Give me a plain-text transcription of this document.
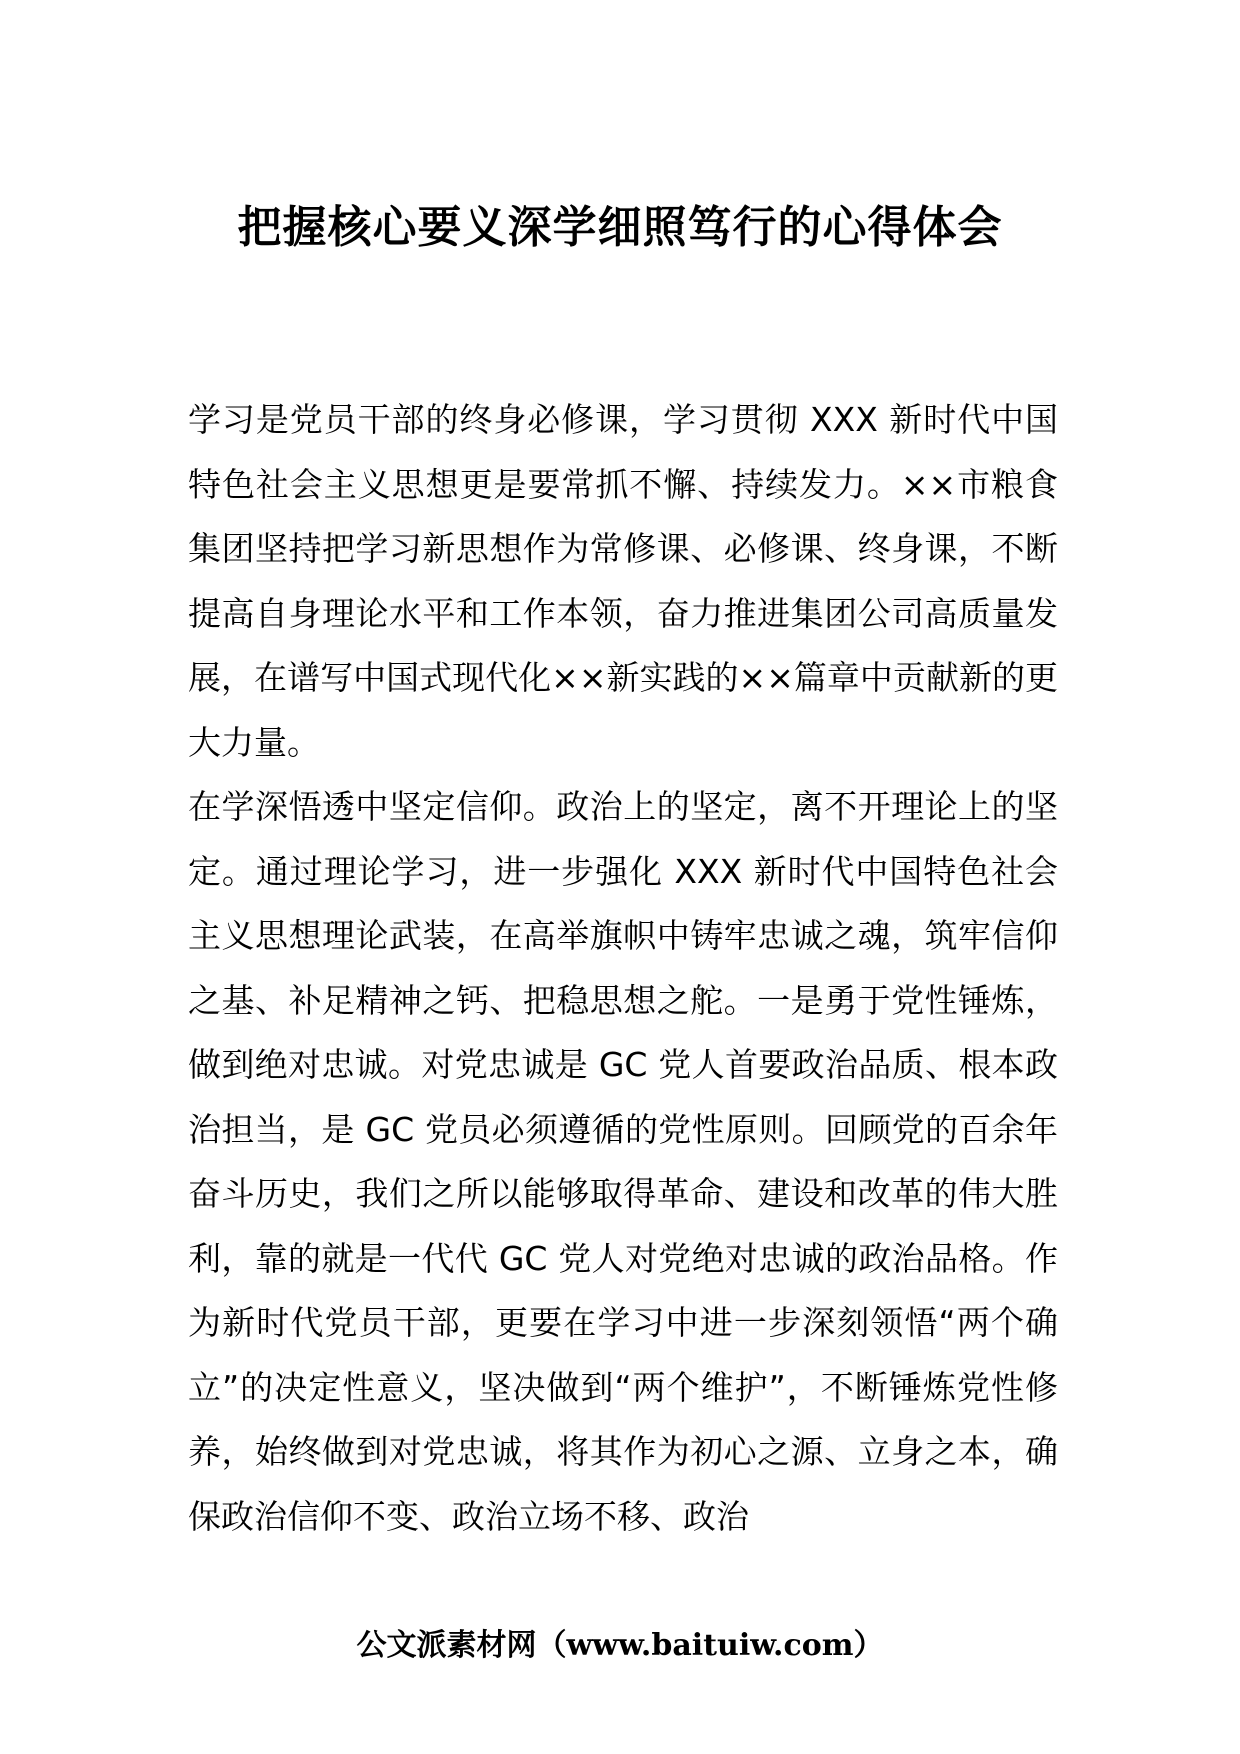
把握核心要义深学细照笃行的心得体会

学习是党员干部的终身必修课，学习贯彻 XXX 新时代中国特色社会主义思想更是要常抓不懈、持续发力。××市粮食集团坚持把学习新思想作为常修课、必修课、终身课，不断提高自身理论水平和工作本领，奋力推进集团公司高质量发展，在谱写中国式现代化××新实践的××篇章中贡献新的更大力量。

在学深悟透中坚定信仰。政治上的坚定，离不开理论上的坚定。通过理论学习，进一步强化 XXX 新时代中国特色社会主义思想理论武装，在高举旗帜中铸牢忠诚之魂，筑牢信仰之基、补足精神之钙、把稳思想之舵。一是勇于党性锤炼，做到绝对忠诚。对党忠诚是 GC 党人首要政治品质、根本政治担当，是 GC 党员必须遵循的党性原则。回顾党的百余年奋斗历史，我们之所以能够取得革命、建设和改革的伟大胜利，靠的就是一代代 GC 党人对党绝对忠诚的政治品格。作为新时代党员干部，更要在学习中进一步深刻领悟“两个确立”的决定性意义，坚决做到“两个维护”，不断锤炼党性修养，始终做到对党忠诚，将其作为初心之源、立身之本，确保政治信仰不变、政治立场不移、政治

公文派素材网（www.baituiw.com）
